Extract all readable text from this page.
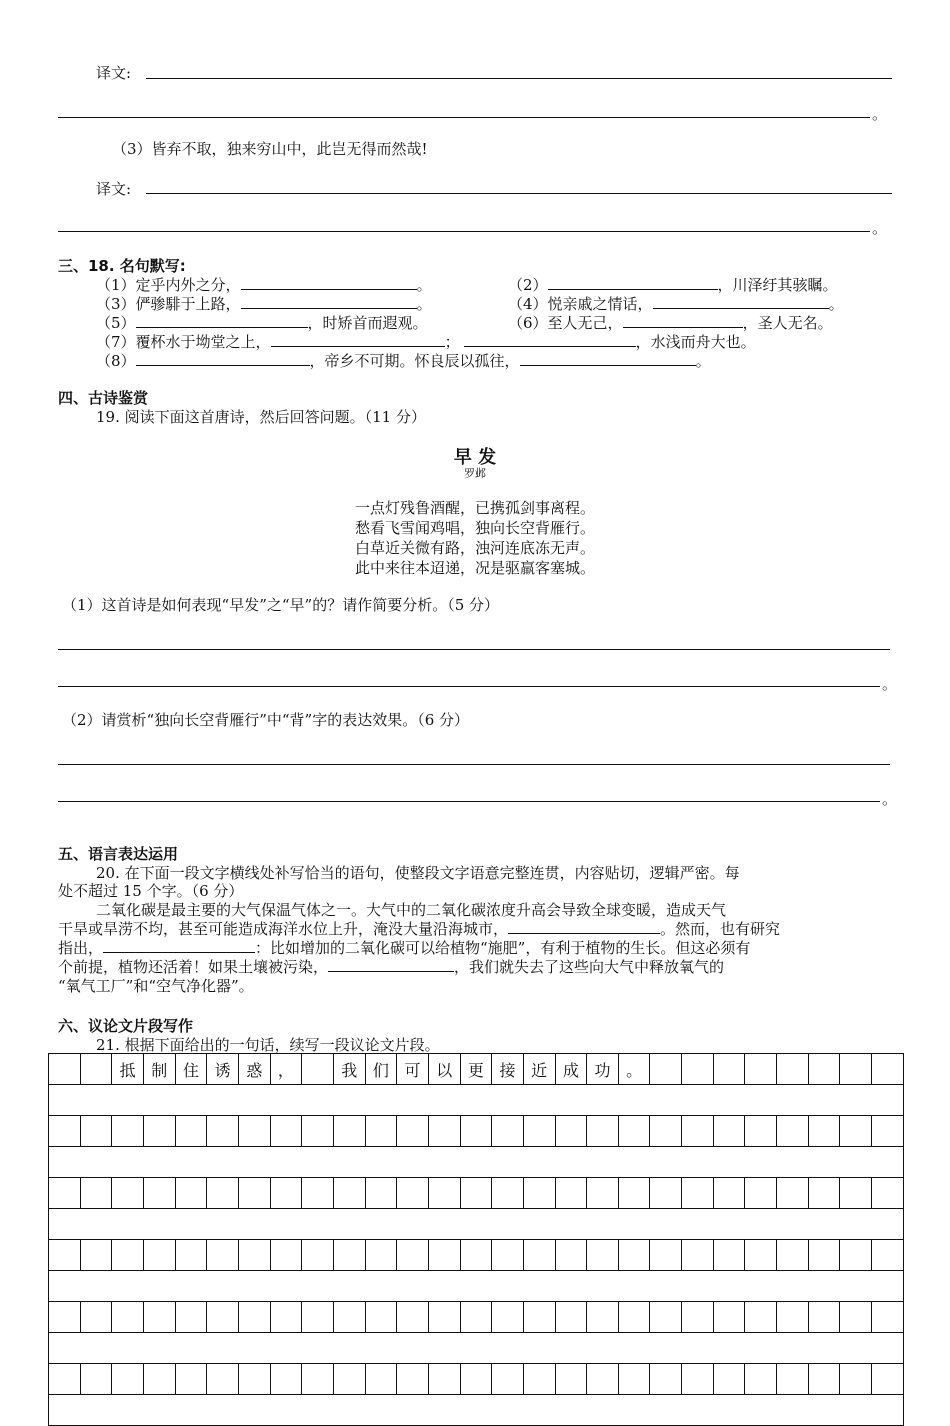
译文:
。
（3）皆弃不取，独来穷山中，此岂无得而然哉!
译文:
。
三、18. 名句默写:
（1）定乎内外之分，	。	（2）	，川泽纡其骇瞩。
（3）俨骖騑于上路，	。	（4）悦亲戚之情话，	。
（5）	，时矫首而遐观。	（6）至人无己，	，圣人无名。
（7）覆杯水于坳堂之上，	；	，水浅而舟大也。
（8）	，帝乡不可期。怀良辰以孤往，	。
四、古诗鉴赏
19. 阅读下面这首唐诗，然后回答问题。（11 分）
早 发
罗邺
一点灯残鲁酒醒，已携孤剑事离程。
愁看飞雪闻鸡唱，独向长空背雁行。
白草近关微有路，浊河连底冻无声。
此中来往本迢递，况是驱羸客塞城。
（1）这首诗是如何表现“早发”之“早”的？请作简要分析。（5 分）
。
（2）请赏析“独向长空背雁行”中“背”字的表达效果。（6 分）
。
五、语言表达运用
20. 在下面一段文字横线处补写恰当的语句，使整段文字语意完整连贯，内容贴切，逻辑严密。每
处不超过 15 个字。（6 分）
二氧化碳是最主要的大气保温气体之一。大气中的二氧化碳浓度升高会导致全球变暖，造成天气
干旱或旱涝不均，甚至可能造成海洋水位上升，淹没大量沿海城市，	。然而，也有研究
指出，	：比如增加的二氧化碳可以给植物“施肥”，有利于植物的生长。但这必须有
个前提，植物还活着！如果土壤被污染，	，我们就失去了这些向大气中释放氧气的
“氧气工厂”和“空气净化器”。
六、议论文片段写作
21. 根据下面给出的一句话，续写一段议论文片段。
		抵	制	住	诱	惑	，		我	们	可	以	更	接	近	成	功	。								
